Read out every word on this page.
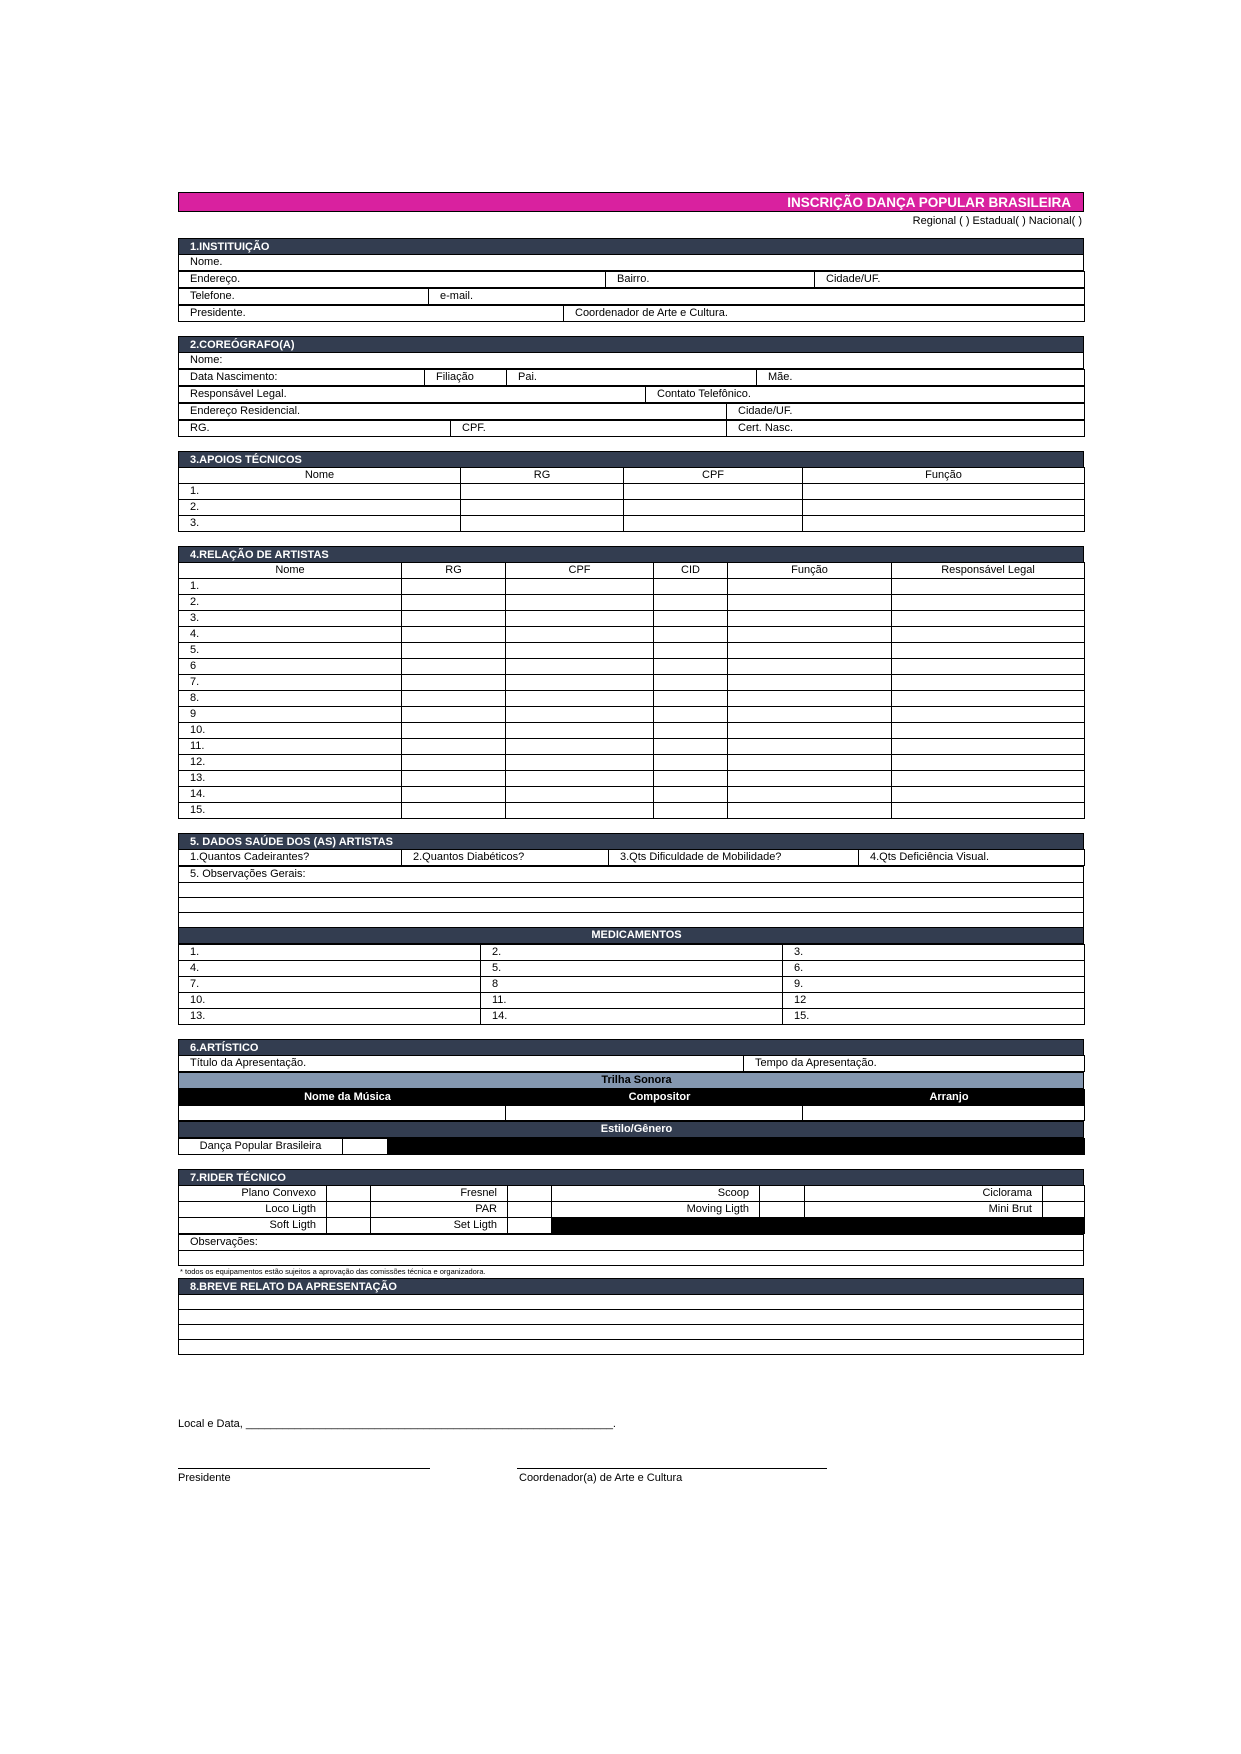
INSCRIÇÃO DANÇA POPULAR BRASILEIRA
Regional ( ) Estadual( ) Nacional( )
1.INSTITUIÇÃO
Nome.
Endereço.	Bairro.	Cidade/UF.
Telefone.	e-mail.
Presidente.	Coordenador de Arte e Cultura.
2.COREÓGRAFO(A)
Nome:
Data Nascimento:	Filiação	Pai.	Mãe.
Responsável Legal.	Contato Telefônico.
Endereço Residencial.	Cidade/UF.
RG.	CPF.	Cert. Nasc.
3.APOIOS TÉCNICOS
Nome	RG	CPF	Função
1.			
2.			
3.			
4.RELAÇÃO DE ARTISTAS
Nome	RG	CPF	CID	Função	Responsável Legal
1.					
2.					
3.					
4.					
5.					
6					
7.					
8.					
9					
10.					
11.					
12.					
13.					
14.					
15.					
5. DADOS SAÚDE DOS (AS) ARTISTAS
1.Quantos Cadeirantes?	2.Quantos Diabéticos?	3.Qts Dificuldade de Mobilidade?	4.Qts Deficiência Visual.
5. Observações Gerais:

MEDICAMENTOS
1.	2.	3.
4.	5.	6.
7.	8	9.
10.	11.	12
13.	14.	15.
6.ARTÍSTICO
Título da Apresentação.	Tempo da Apresentação.
Trilha Sonora
Nome da Música	Compositor	Arranjo

Estilo/Gênero
Dança Popular Brasileira		
7.RIDER TÉCNICO
Plano Convexo		Fresnel		Scoop		Ciclorama	
Loco Ligth		PAR		Moving Ligth		Mini Brut	
Soft Ligth		Set Ligth					
Observações:

* todos os equipamentos estão sujeitos a aprovação das comissões técnica e organizadora.
8.BREVE RELATO DA APRESENTAÇÃO

Local e Data, ____________________________________________________________.
Presidente	Coordenador(a) de Arte e Cultura
